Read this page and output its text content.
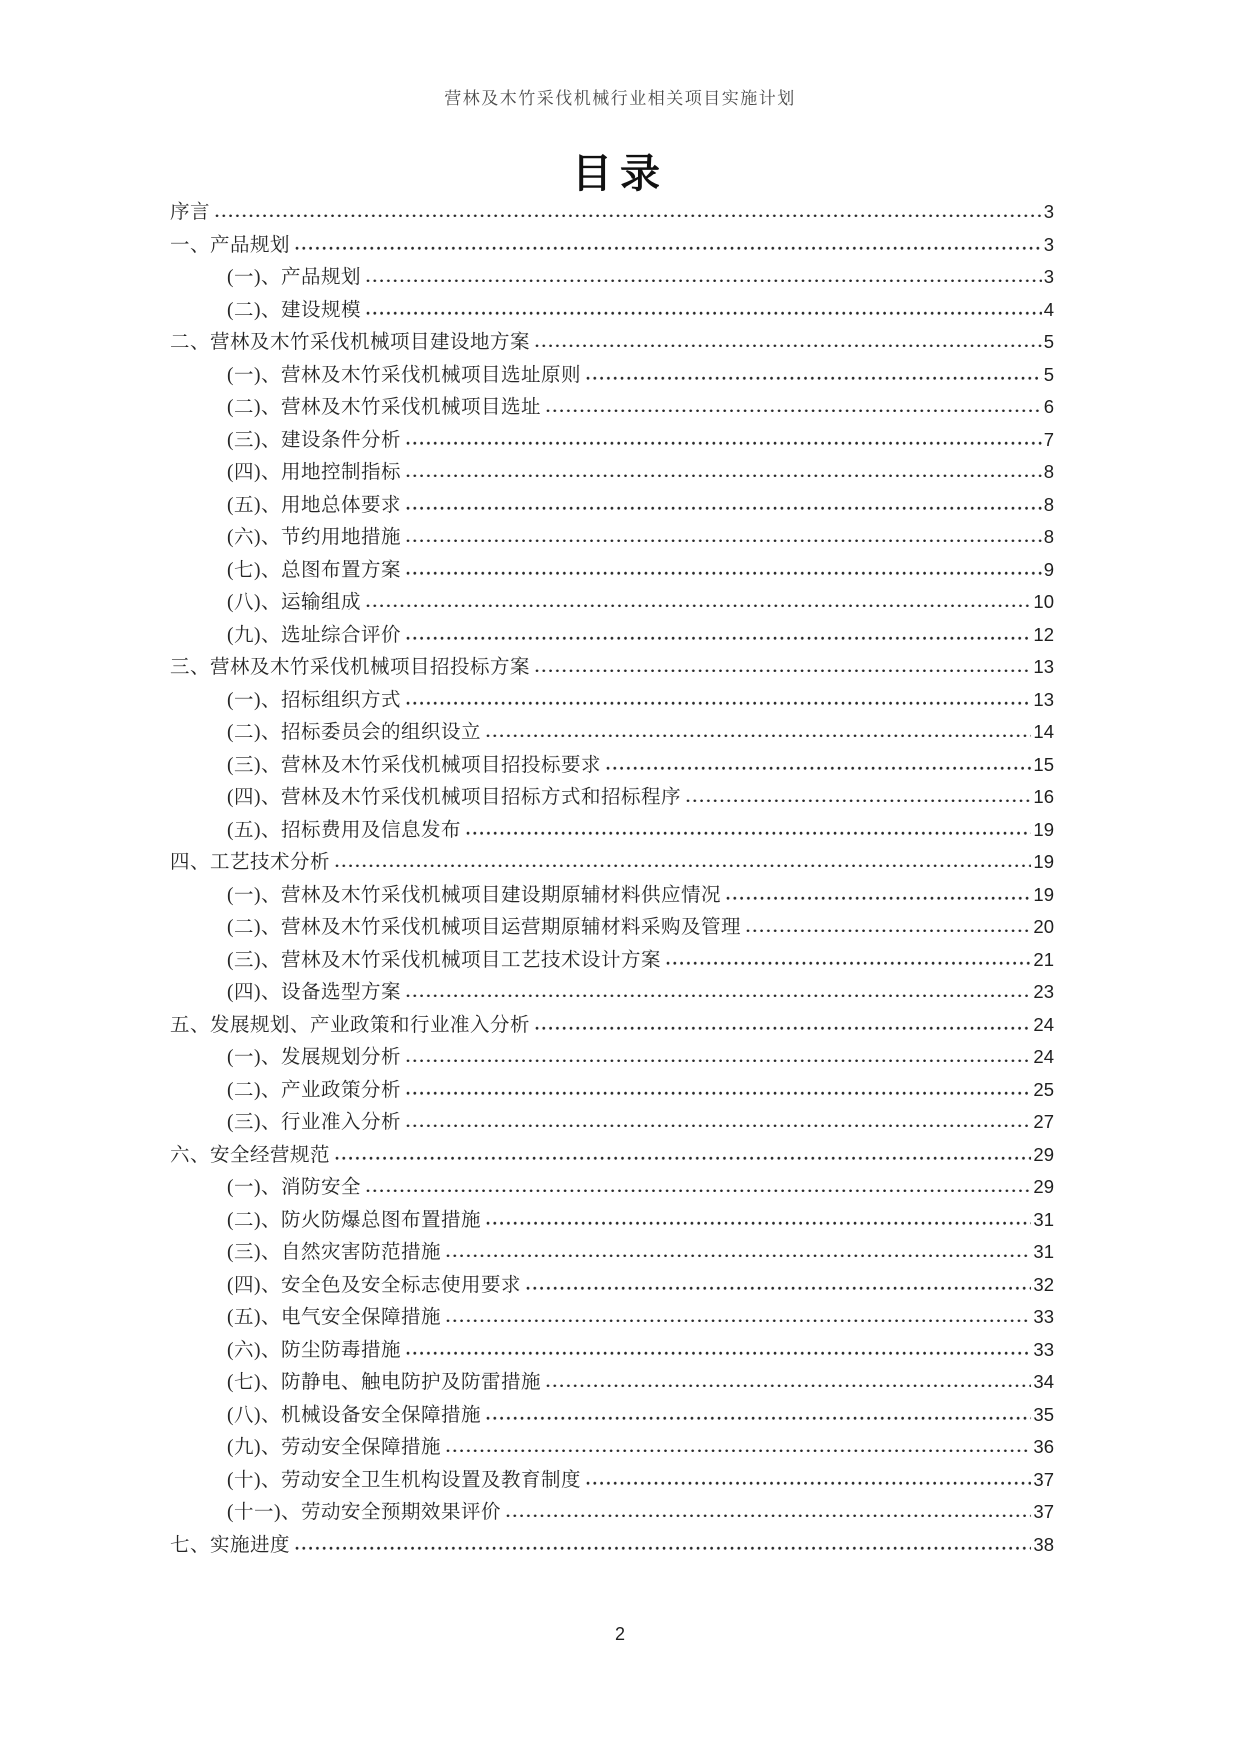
营林及木竹采伐机械行业相关项目实施计划
目录
序言	3
一、产品规划	3
(一)、产品规划	3
(二)、建设规模	4
二、营林及木竹采伐机械项目建设地方案	5
(一)、营林及木竹采伐机械项目选址原则	5
(二)、营林及木竹采伐机械项目选址	6
(三)、建设条件分析	7
(四)、用地控制指标	8
(五)、用地总体要求	8
(六)、节约用地措施	8
(七)、总图布置方案	9
(八)、运输组成	10
(九)、选址综合评价	12
三、营林及木竹采伐机械项目招投标方案	13
(一)、招标组织方式	13
(二)、招标委员会的组织设立	14
(三)、营林及木竹采伐机械项目招投标要求	15
(四)、营林及木竹采伐机械项目招标方式和招标程序	16
(五)、招标费用及信息发布	19
四、工艺技术分析	19
(一)、营林及木竹采伐机械项目建设期原辅材料供应情况	19
(二)、营林及木竹采伐机械项目运营期原辅材料采购及管理	20
(三)、营林及木竹采伐机械项目工艺技术设计方案	21
(四)、设备选型方案	23
五、发展规划、产业政策和行业准入分析	24
(一)、发展规划分析	24
(二)、产业政策分析	25
(三)、行业准入分析	27
六、安全经营规范	29
(一)、消防安全	29
(二)、防火防爆总图布置措施	31
(三)、自然灾害防范措施	31
(四)、安全色及安全标志使用要求	32
(五)、电气安全保障措施	33
(六)、防尘防毒措施	33
(七)、防静电、触电防护及防雷措施	34
(八)、机械设备安全保障措施	35
(九)、劳动安全保障措施	36
(十)、劳动安全卫生机构设置及教育制度	37
(十一)、劳动安全预期效果评价	37
七、实施进度	38
2
